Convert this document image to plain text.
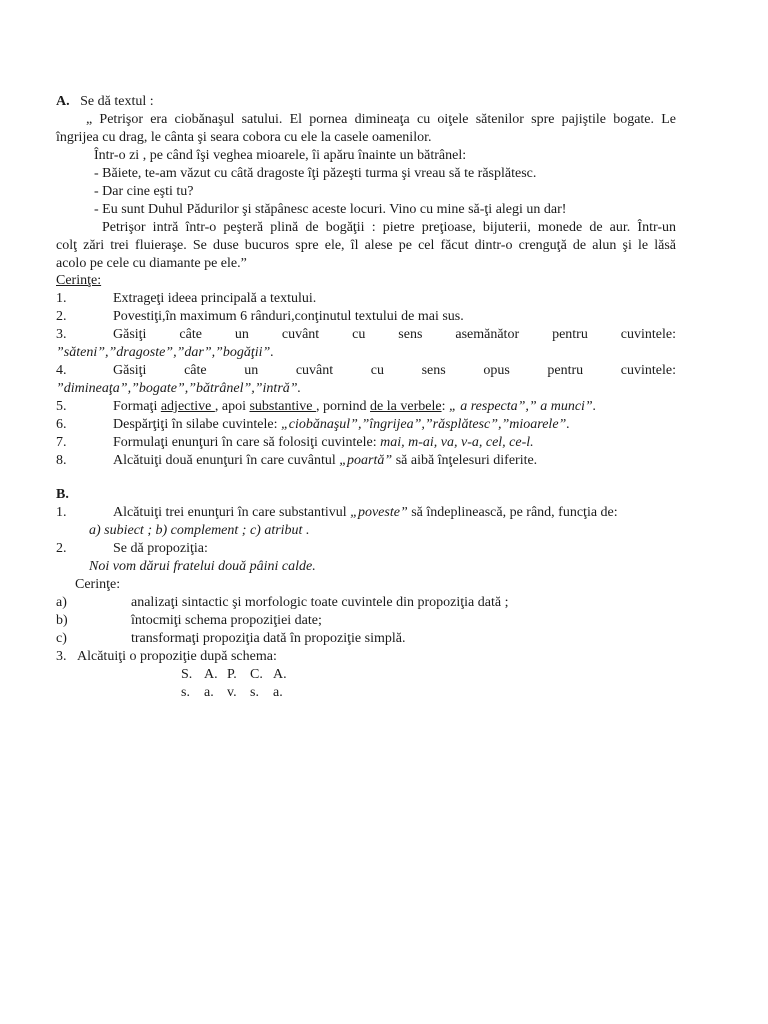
A. Se dă textul :
„ Petrişor era ciobănaşul satului. El pornea dimineaţa cu oiţele sătenilor spre pajiştile bogate. Le
îngrijea cu drag, le cânta şi seara cobora cu ele la casele oamenilor.
Într-o zi , pe când îşi veghea mioarele, îi apăru înainte un bătrânel:
- Băiete, te-am văzut cu câtă dragoste îţi păzeşti turma şi vreau să te răsplătesc.
- Dar cine eşti tu?
- Eu sunt Duhul Pădurilor şi stăpânesc aceste locuri. Vino cu mine să-ţi alegi un dar!
Petrişor intră într-o peşteră plină de bogăţii : pietre preţioase, bijuterii, monede de aur. Într-un
colţ zări trei fluieraşe. Se duse bucuros spre ele, îl alese pe cel făcut dintr-o crenguţă de alun şi le lăsă
acolo pe cele cu diamante pe ele.”
Cerinţe:
1.	Extrageţi ideea principală a textului.
2.	Povestiţi,în maximum 6 rânduri,conţinutul textului de mai sus.
3.	Găsiţi câte un cuvânt cu sens asemănător pentru cuvintele:
”săteni”,”dragoste”,”dar”,”bogăţii”.
4.	Găsiţi câte un cuvânt cu sens opus pentru cuvintele:
”dimineaţa”,”bogate”,”bătrânel”,”intră”.
5.	Formaţi adjective , apoi substantive , pornind de la verbele: „ a respecta”,” a munci”.
6.	Despărţiţi în silabe cuvintele: „ciobănaşul”,”îngrijea”,”răsplătesc”,”mioarele”.
7.	Formulaţi enunţuri în care să folosiţi cuvintele: mai, m-ai, va, v-a, cel, ce-l.
8.	Alcătuiţi două enunţuri în care cuvântul „poartă” să aibă înţelesuri diferite.
B.
1.	Alcătuiţi trei enunţuri în care substantivul „poveste” să îndeplinească, pe rând, funcţia de:
a) subiect ; b) complement ; c) atribut .
2.	Se dă propoziţia:
Noi vom dărui fratelui două pâini calde.
Cerinţe:
a)	analizaţi sintactic şi morfologic toate cuvintele din propoziţia dată ;
b)	întocmiţi schema propoziţiei date;
c)	transformaţi propoziţia dată în propoziţie simplă.
3. Alcătuiţi o propoziţie după schema:
S. A. P. C. A.
s. a. v. s. a.
